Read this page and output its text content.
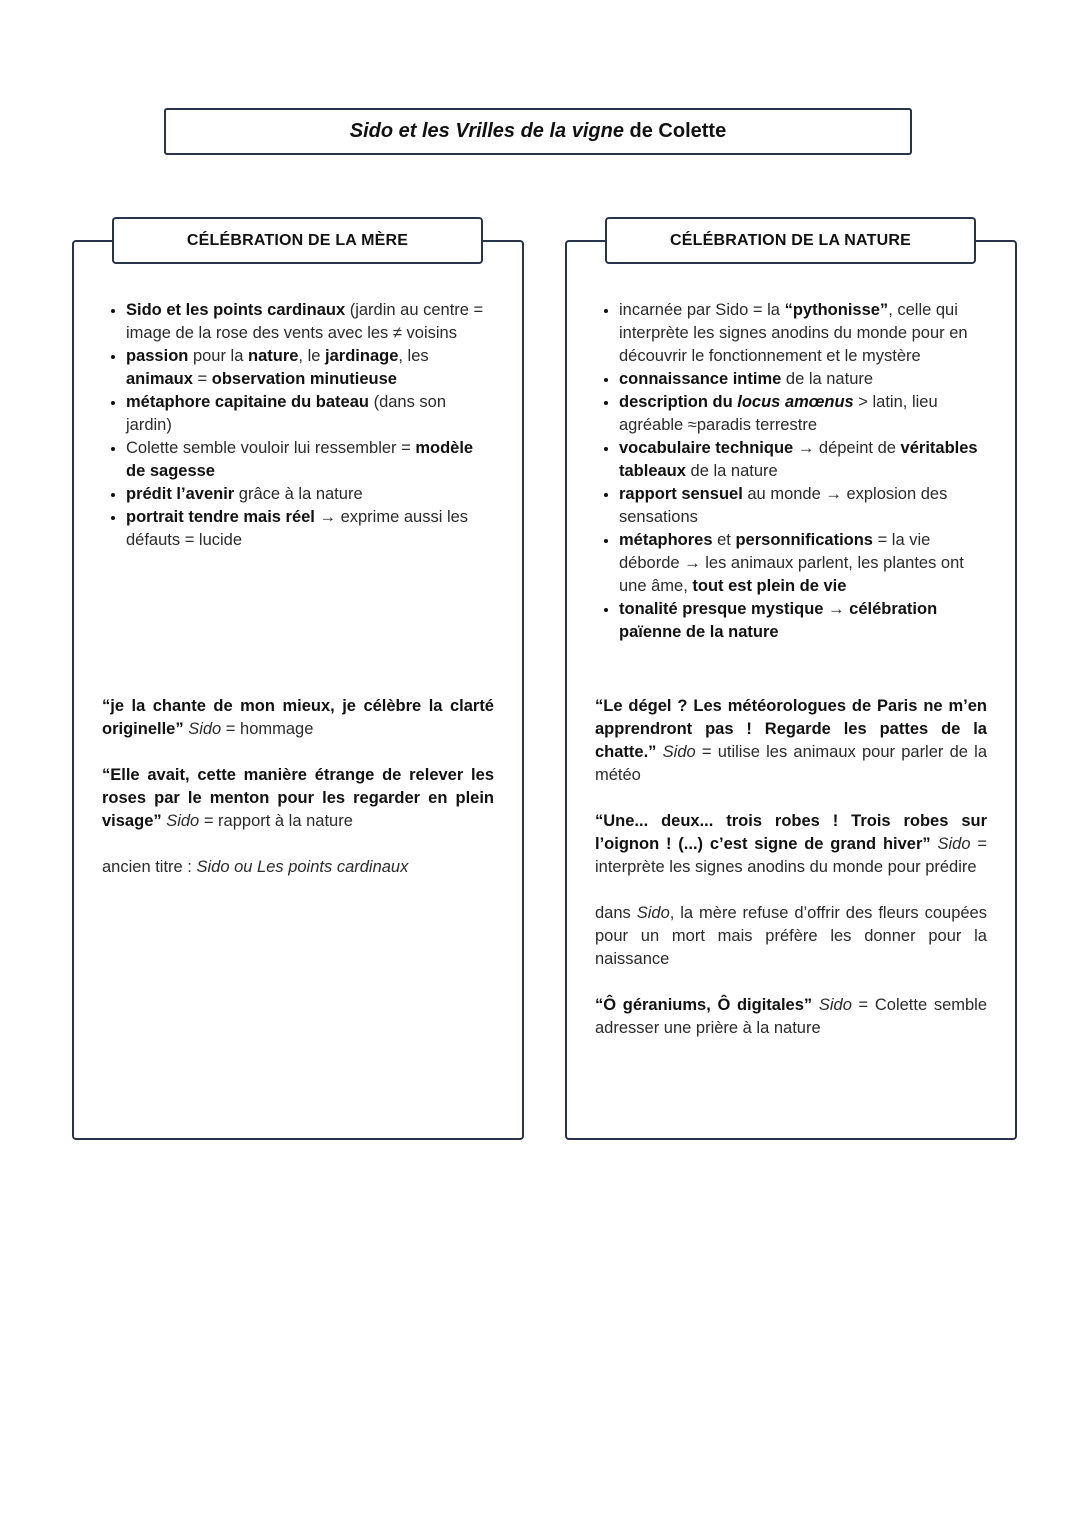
Sido et les Vrilles de la vigne de Colette
CÉLÉBRATION DE LA MÈRE
• Sido et les points cardinaux (jardin au centre = image de la rose des vents avec les ≠ voisins
• passion pour la nature, le jardinage, les animaux = observation minutieuse
• métaphore capitaine du bateau (dans son jardin)
• Colette semble vouloir lui ressembler = modèle de sagesse
• prédit l’avenir grâce à la nature
• portrait tendre mais réel → exprime aussi les défauts = lucide

“je la chante de mon mieux, je célèbre la clarté originelle” Sido = hommage

“Elle avait, cette manière étrange de relever les roses par le menton pour les regarder en plein visage” Sido = rapport à la nature

ancien titre : Sido ou Les points cardinaux

CÉLÉBRATION DE LA NATURE
• incarnée par Sido = la “pythonisse”, celle qui interprète les signes anodins du monde pour en découvrir le fonctionnement et le mystère
• connaissance intime de la nature
• description du locus amœnus > latin, lieu agréable ≈paradis terrestre
• vocabulaire technique → dépeint de véritables tableaux de la nature
• rapport sensuel au monde → explosion des sensations
• métaphores et personnifications = la vie déborde → les animaux parlent, les plantes ont une âme, tout est plein de vie
• tonalité presque mystique → célébration païenne de la nature

“Le dégel ? Les météorologues de Paris ne m’en apprendront pas ! Regarde les pattes de la chatte.” Sido = utilise les animaux pour parler de la météo

“Une... deux... trois robes ! Trois robes sur l’oignon ! (...) c’est signe de grand hiver” Sido = interprète les signes anodins du monde pour prédire

dans Sido, la mère refuse d’offrir des fleurs coupées pour un mort mais préfère les donner pour la naissance

“Ô géraniums, Ô digitales” Sido = Colette semble adresser une prière à la nature
